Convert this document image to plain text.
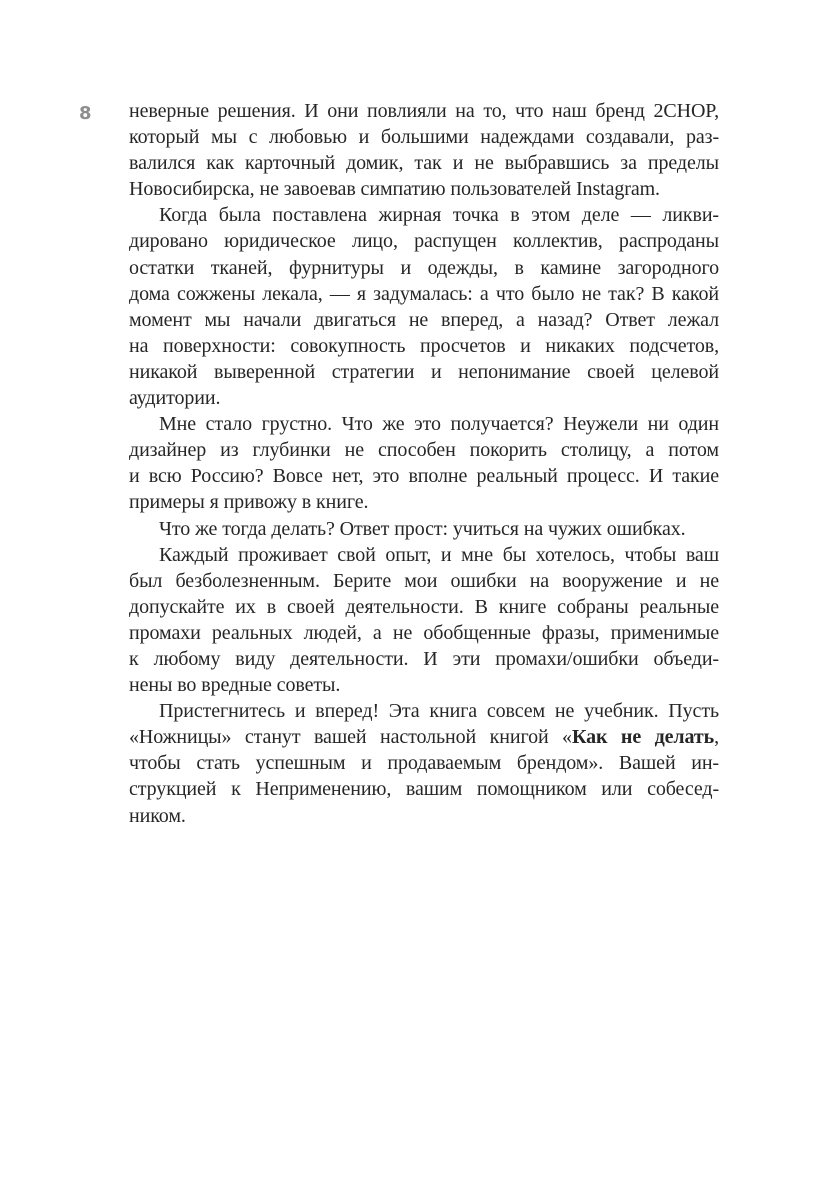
8 неверные решения. И они повлияли на то, что наш бренд 2CHOP,
который мы с любовью и большими надеждами создавали, раз-
валился как карточный домик, так и не выбравшись за пределы
Новосибирска, не завоевав симпатию пользователей Instagram.
Когда была поставлена жирная точка в этом деле — ликви-
дировано юридическое лицо, распущен коллектив, распроданы
остатки тканей, фурнитуры и одежды, в камине загородного
дома сожжены лекала, — я задумалась: а что было не так? В какой
момент мы начали двигаться не вперед, а назад? Ответ лежал
на поверхности: совокупность просчетов и никаких подсчетов,
никакой выверенной стратегии и непонимание своей целевой
аудитории.
Мне стало грустно. Что же это получается? Неужели ни один
дизайнер из глубинки не способен покорить столицу, а потом
и всю Россию? Вовсе нет, это вполне реальный процесс. И такие
примеры я привожу в книге.
Что же тогда делать? Ответ прост: учиться на чужих ошибках.
Каждый проживает свой опыт, и мне бы хотелось, чтобы ваш
был безболезненным. Берите мои ошибки на вооружение и не
допускайте их в своей деятельности. В книге собраны реальные
промахи реальных людей, а не обобщенные фразы, применимые
к любому виду деятельности. И эти промахи/ошибки объеди-
нены во вредные советы.
Пристегнитесь и вперед! Эта книга совсем не учебник. Пусть
«Ножницы» станут вашей настольной книгой «Как не делать,
чтобы стать успешным и продаваемым брендом». Вашей ин-
струкцией к Неприменению, вашим помощником или собесед-
ником.
